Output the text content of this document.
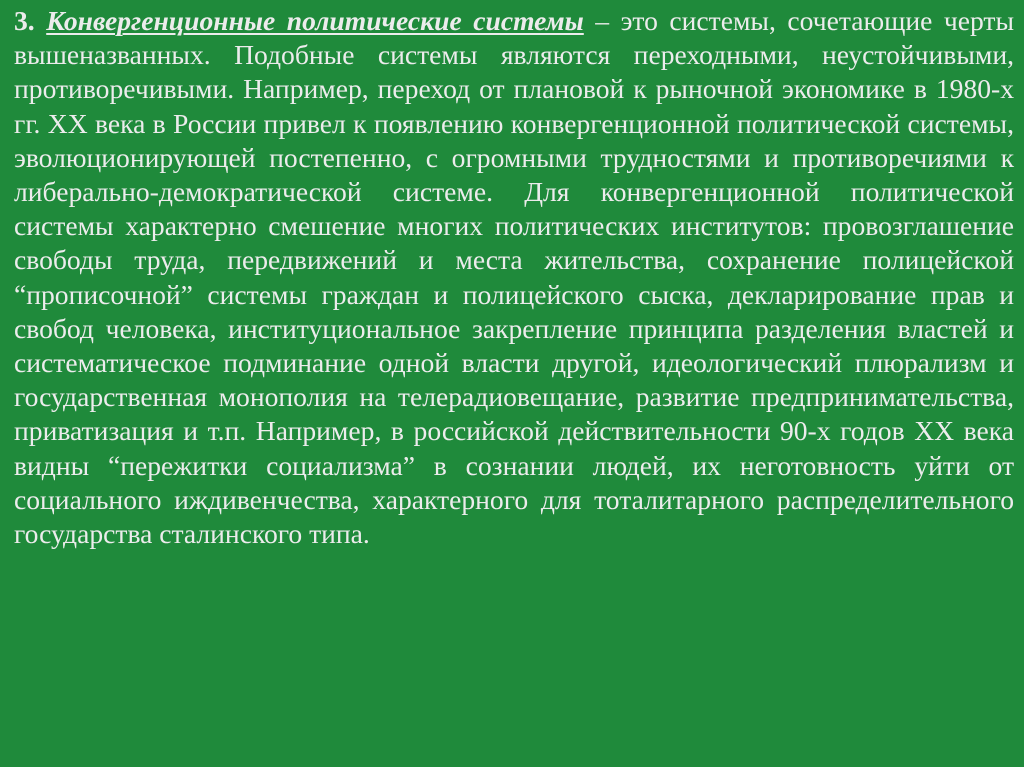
3. Конвергенционные политические системы – это системы, сочетающие черты вышеназванных. Подобные системы являются переходными, неустойчивыми, противоречивыми. Например, переход от плановой к рыночной экономике в 1980-х гг. XX века в России привел к появлению конвергенционной политической системы, эволюционирующей постепенно, с огромными трудностями и противоречиями к либерально-демократической системе. Для конвергенционной политической системы характерно смешение многих политических институтов: провозглашение свободы труда, передвижений и места жительства, сохранение полицейской “прописочной” системы граждан и полицейского сыска, декларирование прав и свобод человека, институциональное закрепление принципа разделения властей и систематическое подминание одной власти другой, идеологический плюрализм и государственная монополия на телерадиовещание, развитие предпринимательства, приватизация и т.п. Например, в российской действительности 90-х годов XX века видны “пережитки социализма” в сознании людей, их неготовность уйти от социального иждивенчества, характерного для тоталитарного распределительного государства сталинского типа.
